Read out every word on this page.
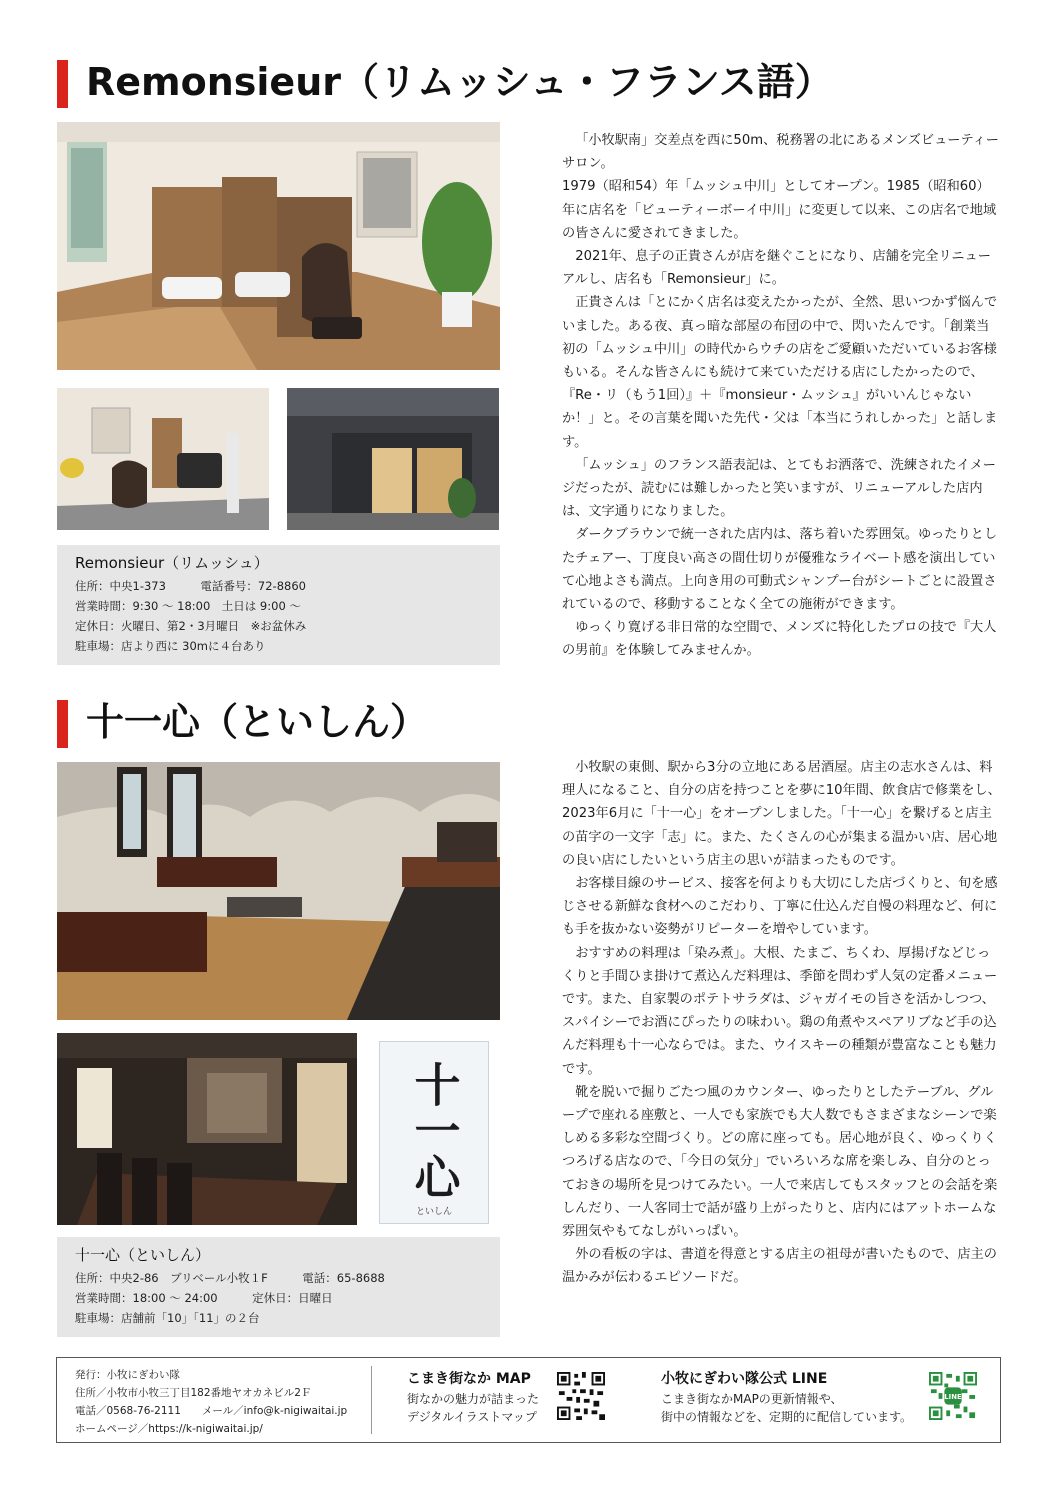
Remonsieur（リムッシュ・フランス語）
Remonsieur（リムッシュ）
住所：中央1-373　　　電話番号：72-8860
営業時間：9:30 ～ 18:00　土日は 9:00 ～
定休日：火曜日、第2・3月曜日　※お盆休み
駐車場：店より西に 30mに４台あり

「小牧駅南」交差点を西に50m、税務署の北にあるメンズビューティーサロン。

1979（昭和54）年「ムッシュ中川」としてオープン。1985（昭和60）年に店名を「ビューティーボーイ中川」に変更して以来、この店名で地域の皆さんに愛されてきました。

2021年、息子の正貴さんが店を継ぐことになり、店舗を完全リニューアルし、店名も「Remonsieur」に。

正貴さんは「とにかく店名は変えたかったが、全然、思いつかず悩んでいました。ある夜、真っ暗な部屋の布団の中で、閃いたんです。「創業当初の「ムッシュ中川」の時代からウチの店をご愛顧いただいているお客様もいる。そんな皆さんにも続けて来ていただける店にしたかったので、『Re・リ（もう1回）』＋『monsieur・ムッシュ』がいいんじゃないか！」と。その言葉を聞いた先代・父は「本当にうれしかった」と話します。

「ムッシュ」のフランス語表記は、とてもお洒落で、洗練されたイメージだったが、読むには難しかったと笑いますが、リニューアルした店内は、文字通りになりました。

ダークブラウンで統一された店内は、落ち着いた雰囲気。ゆったりとしたチェアー、丁度良い高さの間仕切りが優雅なライベート感を演出していて心地よさも満点。上向き用の可動式シャンプー台がシートごとに設置されているので、移動することなく全ての施術ができます。

ゆっくり寛げる非日常的な空間で、メンズに特化したプロの技で『大人の男前』を体験してみませんか。

十一心（といしん）
十一心
といしん
十一心（といしん）
住所：中央2-86　ブリベール小牧１F　　　電話：65-8688
営業時間：18:00 ～ 24:00　　　定休日：日曜日
駐車場：店舗前「10」「11」の２台

小牧駅の東側、駅から3分の立地にある居酒屋。店主の志水さんは、料理人になること、自分の店を持つことを夢に10年間、飲食店で修業をし、2023年6月に「十一心」をオープンしました。「十一心」を繋げると店主の苗字の一文字「志」に。また、たくさんの心が集まる温かい店、居心地の良い店にしたいという店主の思いが詰まったものです。

お客様目線のサービス、接客を何よりも大切にした店づくりと、旬を感じさせる新鮮な食材へのこだわり、丁寧に仕込んだ自慢の料理など、何にも手を抜かない姿勢がリピーターを増やしています。

おすすめの料理は「染み煮」。大根、たまご、ちくわ、厚揚げなどじっくりと手間ひま掛けて煮込んだ料理は、季節を問わず人気の定番メニューです。また、自家製のポテトサラダは、ジャガイモの旨さを活かしつつ、スパイシーでお酒にぴったりの味わい。鶏の角煮やスペアリブなど手の込んだ料理も十一心ならでは。また、ウイスキーの種類が豊富なことも魅力です。

靴を脱いで掘りごたつ風のカウンター、ゆったりとしたテーブル、グループで座れる座敷と、一人でも家族でも大人数でもさまざまなシーンで楽しめる多彩な空間づくり。どの席に座っても。居心地が良く、ゆっくりくつろげる店なので、「今日の気分」でいろいろな席を楽しみ、自分のとっておきの場所を見つけてみたい。一人で来店してもスタッフとの会話を楽しんだり、一人客同士で話が盛り上がったりと、店内にはアットホームな雰囲気やもてなしがいっぱい。

外の看板の字は、書道を得意とする店主の祖母が書いたもので、店主の温かみが伝わるエピソードだ。

発行：小牧にぎわい隊
住所／小牧市小牧三丁目182番地ヤオカネビル2Ｆ
電話／0568-76-2111　　メール／info@k-nigiwaitai.jp
ホームページ／https://k-nigiwaitai.jp/
こまき街なか MAP
街なかの魅力が詰まった
デジタルイラストマップ
小牧にぎわい隊公式 LINE
こまき街なかMAPの更新情報や、
街中の情報などを、定期的に配信しています。
LINE
